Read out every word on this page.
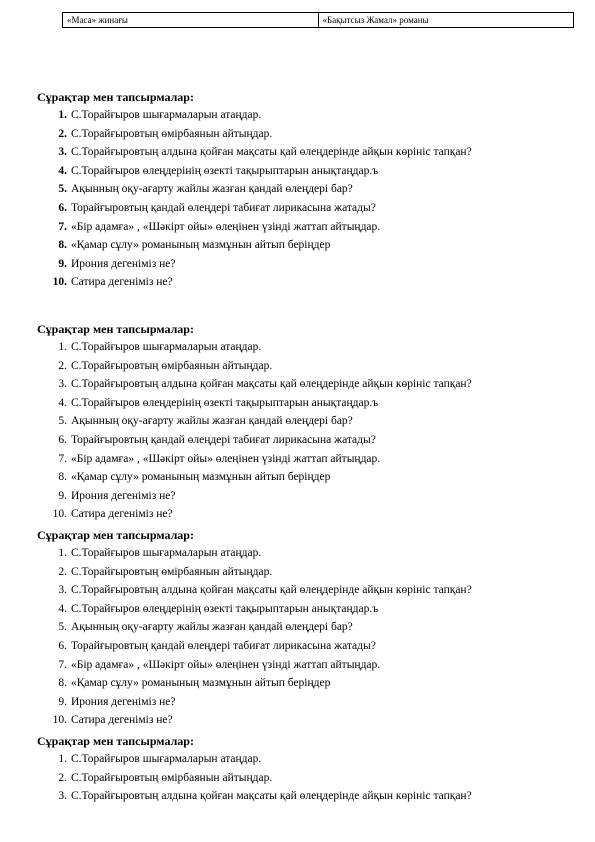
«Маса» жинағы	«Бақытсыз Жамал» романы
Сұрақтар мен тапсырмалар:
1. С.Торайғыров шығармаларын атаңдар.
2. С.Торайғыровтың өмірбаянын айтыңдар.
3. С.Торайғыровтың алдына қойған мақсаты қай өлеңдерінде айқын көрініс тапқан?
4. С.Торайғыров өлеңдерінің өзекті тақырыптарын анықтаңдар.ъ
5. Ақынның оқу-ағарту жайлы жазған қандай өлеңдері бар?
6. Торайғыровтың қандай өлеңдері табиғат лирикасына жатады?
7. «Бір адамға» , «Шәкірт ойы» өлеңінен үзінді жаттап айтыңдар.
8. «Қамар сұлу» романының мазмұнын айтып беріңдер
9. Ирония дегеніміз не?
10. Сатира дегеніміз не?
Сұрақтар мен тапсырмалар:
1. С.Торайғыров шығармаларын атаңдар.
2. С.Торайғыровтың өмірбаянын айтыңдар.
3. С.Торайғыровтың алдына қойған мақсаты қай өлеңдерінде айқын көрініс тапқан?
4. С.Торайғыров өлеңдерінің өзекті тақырыптарын анықтаңдар.ъ
5. Ақынның оқу-ағарту жайлы жазған қандай өлеңдері бар?
6. Торайғыровтың қандай өлеңдері табиғат лирикасына жатады?
7. «Бір адамға» , «Шәкірт ойы» өлеңінен үзінді жаттап айтыңдар.
8. «Қамар сұлу» романының мазмұнын айтып беріңдер
9. Ирония дегеніміз не?
10. Сатира дегеніміз не?
Сұрақтар мен тапсырмалар:
1. С.Торайғыров шығармаларын атаңдар.
2. С.Торайғыровтың өмірбаянын айтыңдар.
3. С.Торайғыровтың алдына қойған мақсаты қай өлеңдерінде айқын көрініс тапқан?
4. С.Торайғыров өлеңдерінің өзекті тақырыптарын анықтаңдар.ъ
5. Ақынның оқу-ағарту жайлы жазған қандай өлеңдері бар?
6. Торайғыровтың қандай өлеңдері табиғат лирикасына жатады?
7. «Бір адамға» , «Шәкірт ойы» өлеңінен үзінді жаттап айтыңдар.
8. «Қамар сұлу» романының мазмұнын айтып беріңдер
9. Ирония дегеніміз не?
10. Сатира дегеніміз не?
Сұрақтар мен тапсырмалар:
1. С.Торайғыров шығармаларын атаңдар.
2. С.Торайғыровтың өмірбаянын айтыңдар.
3. С.Торайғыровтың алдына қойған мақсаты қай өлеңдерінде айқын көрініс тапқан?
